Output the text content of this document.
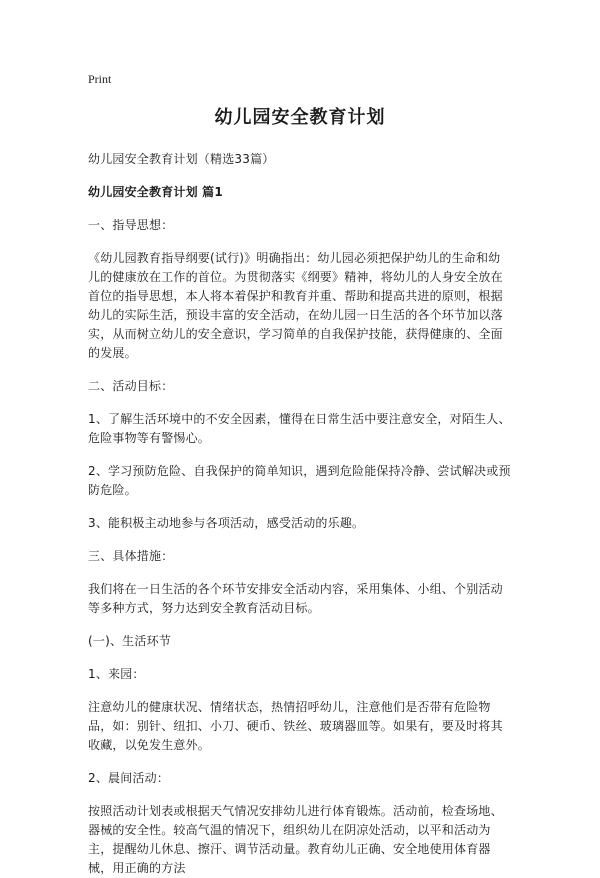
Print
幼儿园安全教育计划
幼儿园安全教育计划（精选33篇）
幼儿园安全教育计划 篇1
一、指导思想：
《幼儿园教育指导纲要(试行)》明确指出：幼儿园必须把保护幼儿的生命和幼儿的健康放在工作的首位。为贯彻落实《纲要》精神，将幼儿的人身安全放在首位的指导思想，本人将本着保护和教育并重、帮助和提高共进的原则，根据幼儿的实际生活，预设丰富的安全活动，在幼儿园一日生活的各个环节加以落实，从而树立幼儿的安全意识，学习简单的自我保护技能，获得健康的、全面的发展。
二、活动目标：
1、了解生活环境中的不安全因素，懂得在日常生活中要注意安全，对陌生人、危险事物等有警惕心。
2、学习预防危险、自我保护的简单知识，遇到危险能保持冷静、尝试解决或预防危险。
3、能积极主动地参与各项活动，感受活动的乐趣。
三、具体措施：
我们将在一日生活的各个环节安排安全活动内容，采用集体、小组、个别活动等多种方式，努力达到安全教育活动目标。
(一)、生活环节
1、来园：
注意幼儿的健康状况、情绪状态，热情招呼幼儿，注意他们是否带有危险物品，如：别针、纽扣、小刀、硬币、铁丝、玻璃器皿等。如果有，要及时将其收藏，以免发生意外。
2、晨间活动：
按照活动计划表或根据天气情况安排幼儿进行体育锻炼。活动前，检查场地、器械的安全性。较高气温的情况下，组织幼儿在阴凉处活动，以平和活动为主，提醒幼儿休息、擦汗、调节活动量。教育幼儿正确、安全地使用体育器械，用正确的方法
